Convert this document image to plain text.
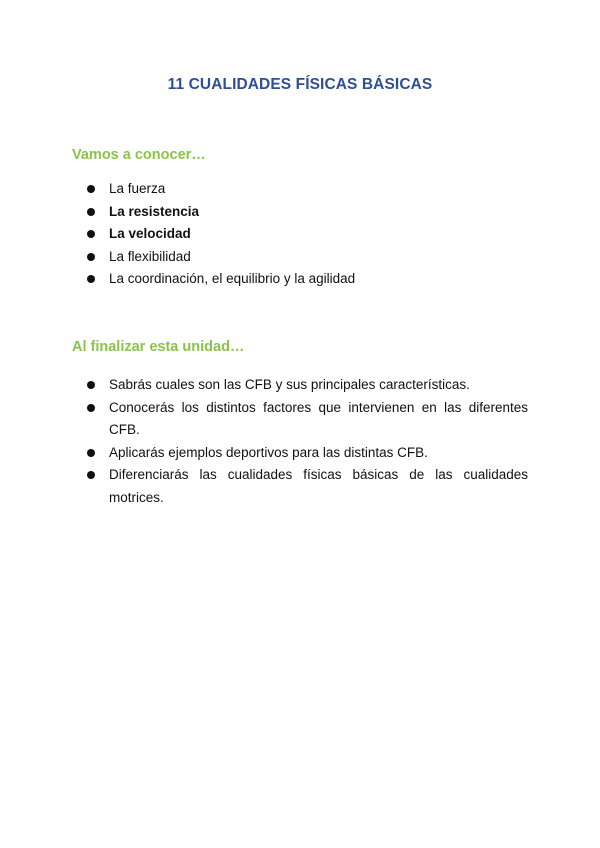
11 CUALIDADES FÍSICAS BÁSICAS
Vamos a conocer…
La fuerza
La resistencia
La velocidad
La flexibilidad
La coordinación, el equilibrio y la agilidad
Al finalizar esta unidad…
Sabrás cuales son las CFB y sus principales características.
Conocerás los distintos factores que intervienen en las diferentes CFB.
Aplicarás ejemplos deportivos para las distintas CFB.
Diferenciarás las cualidades físicas básicas de las cualidades motrices.
